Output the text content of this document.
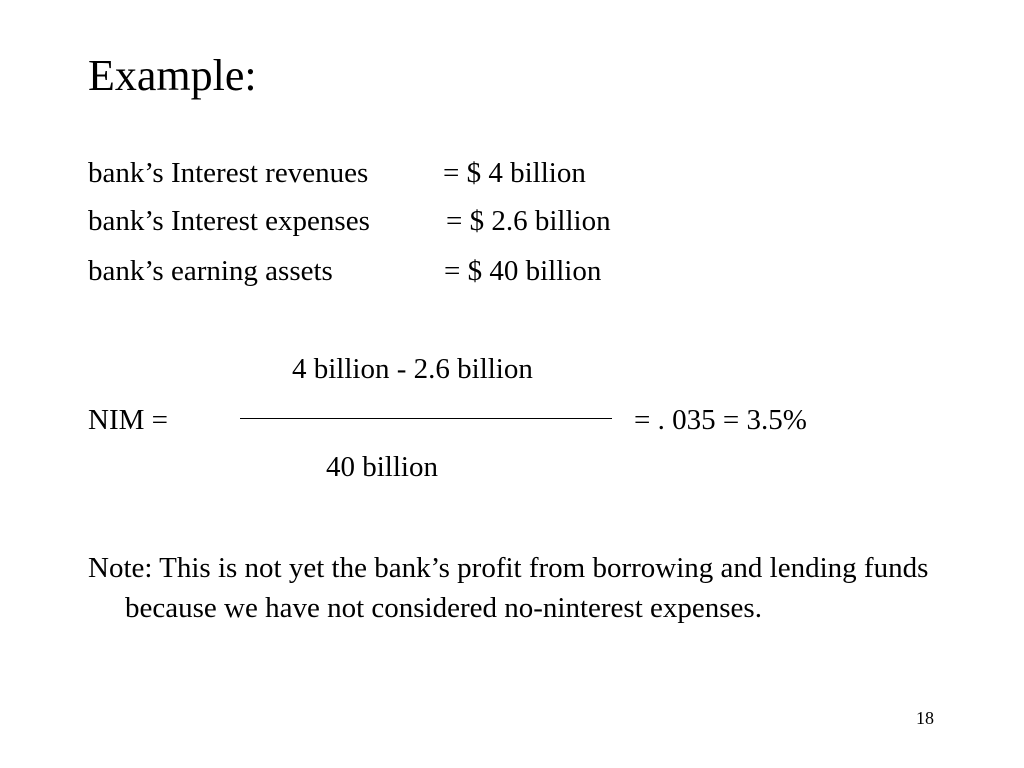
Example:
bank’s Interest revenues	= $ 4 billion
bank’s Interest expenses	= $ 2.6 billion
bank’s earning assets	= $ 40 billion
4 billion - 2.6 billion
NIM =	= . 035 = 3.5%
40 billion
Note: This is not yet the bank’s profit from borrowing and lending funds because we have not considered no-ninterest expenses.
18
